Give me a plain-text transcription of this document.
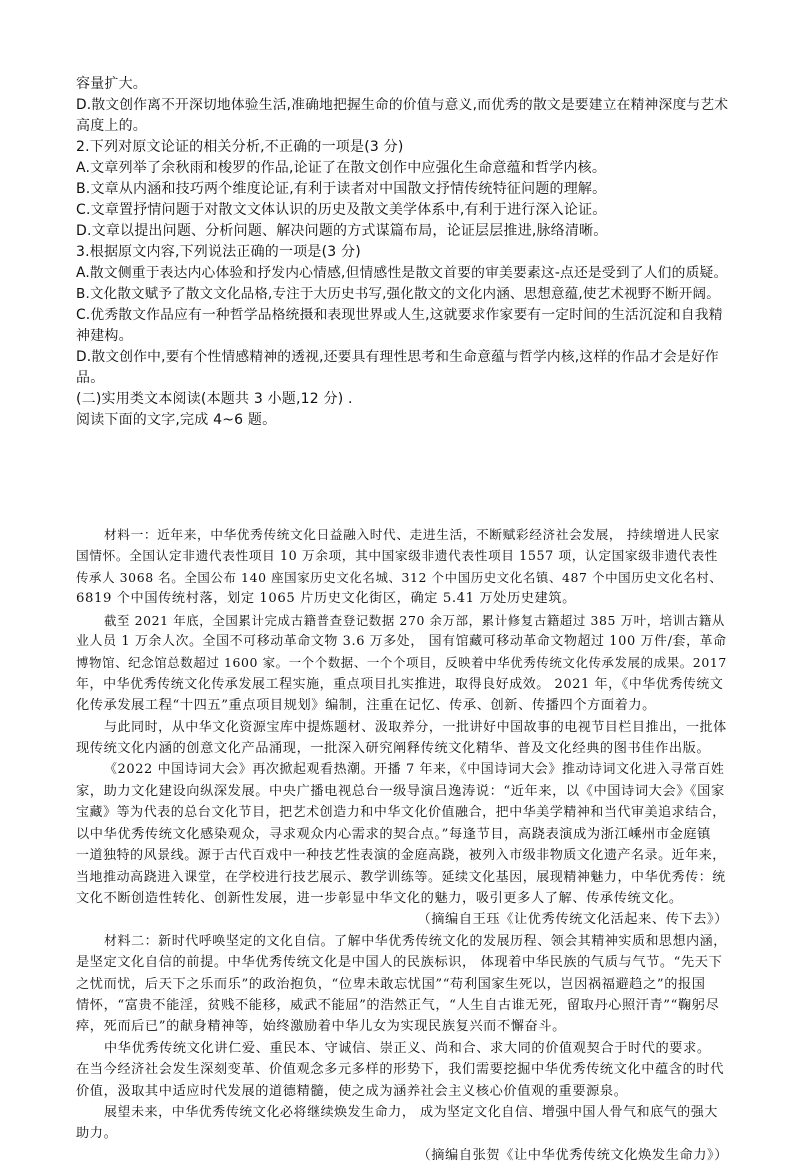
容量扩大。

D.散文创作离不开深切地体验生活,准确地把握生命的价值与意义,而优秀的散文是要建立在精神深度与艺术

高度上的。

2.下列对原文论证的相关分析,不正确的一项是(3 分)

A.文章列举了余秋雨和梭罗的作品,论证了在散文创作中应强化生命意蕴和哲学内核。

B.文章从内涵和技巧两个维度论证,有利于读者对中国散文抒情传统特征问题的理解。

C.文章置抒情问题于对散文文体认识的历史及散文美学体系中,有利于进行深入论证。

D.文章以提出问题、分析问题、解决问题的方式谋篇布局，论证层层推进,脉络清晰。

3.根据原文内容,下列说法正确的一项是(3 分)

A.散文侧重于表达内心体验和抒发内心情感,但情感性是散文首要的审美要素这-点还是受到了人们的质疑。

B.文化散文赋予了散文文化品格,专注于大历史书写,强化散文的文化内涵、思想意蕴,使艺术视野不断开阔。

C.优秀散文作品应有一种哲学品格统摄和表现世界或人生,这就要求作家要有一定时间的生活沉淀和自我精

神建构。

D.散文创作中,要有个性情感精神的透视,还要具有理性思考和生命意蕴与哲学内核,这样的作品才会是好作

品。

(二)实用类文本阅读(本题共 3 小题,12 分) .

阅读下面的文字,完成 4~6 题。

材料一：近年来，中华优秀传统文化日益融入时代、走进生活，不断赋彩经济社会发展， 持续增进人民家

国情怀。全国认定非遗代表性项目 10 万余项，其中国家级非遗代表性项目 1557 项，认定国家级非遗代表性

传承人 3068 名。全国公布 140 座国家历史文化名城、312 个中国历史文化名镇、487 个中国历史文化名村、

6819 个中国传统村落，划定 1065 片历史文化街区，确定 5.41 万处历史建筑。

截至 2021 年底，全国累计完成古籍普查登记数据 270 余万部，累计修复古籍超过 385 万叶，培训古籍从

业人员 1 万余人次。全国不可移动革命文物 3.6 万多处， 国有馆藏可移动革命文物超过 100 万件/套，革命

博物馆、纪念馆总数超过 1600 家。一个个数据、一个个项目，反映着中华优秀传统文化传承发展的成果。2017

年，中华优秀传统文化传承发展工程实施，重点项目扎实推进，取得良好成效。 2021 年，《中华优秀传统文

化传承发展工程“十四五”重点项目规划》编制，注重在记忆、传承、创新、传播四个方面着力。

与此同时，从中华文化资源宝库中提炼题材、汲取养分，一批讲好中国故事的电视节目栏目推出，一批体

现传统文化内涵的创意文化产品涌现，一批深入研究阐释传统文化精华、普及文化经典的图书佳作出版。

《2022 中国诗词大会》再次掀起观看热潮。开播 7 年来，《中国诗词大会》推动诗词文化进入寻常百姓

家，助力文化建设向纵深发展。中央广播电视总台一级导演吕逸涛说：“近年来，以《中国诗词大会》《国家

宝藏》等为代表的总台文化节目，把艺术创造力和中华文化价值融合，把中华美学精神和当代审美追求结合，

以中华优秀传统文化感染观众，寻求观众内心需求的契合点。”每逢节目，高跷表演成为浙江嵊州市金庭镇

一道独特的风景线。源于古代百戏中一种技艺性表演的金庭高跷，被列入市级非物质文化遗产名录。近年来，

当地推动高跷进入课堂，在学校进行技艺展示、教学训练等。延续文化基因，展现精神魅力，中华优秀传：统

文化不断创造性转化、创新性发展，进一步彰显中华文化的魅力，吸引更多人了解、传承传统文化。

（摘编自王珏《让优秀传统文化活起来、传下去》）

材料二：新时代呼唤坚定的文化自信。了解中华优秀传统文化的发展历程、领会其精神实质和思想内涵，

是坚定文化自信的前提。中华优秀传统文化是中国人的民族标识， 体现着中华民族的气质与气节。“先天下

之忧而忧，后天下之乐而乐”的政治抱负，“位卑未敢忘忧国”“苟利国家生死以，岂因祸福避趋之”的报国

情怀，“富贵不能淫，贫贱不能移，威武不能屈”的浩然正气，“人生自古谁无死，留取丹心照汗青”“鞠躬尽

瘁，死而后已”的献身精神等，始终激励着中华儿女为实现民族复兴而不懈奋斗。

中华优秀传统文化讲仁爱、重民本、守诚信、崇正义、尚和合、求大同的价值观契合于时代的要求。

在当今经济社会发生深刻变革、价值观念多元多样的形势下，我们需要挖掘中华优秀传统文化中蕴含的时代

价值，汲取其中适应时代发展的道德精髓，使之成为涵养社会主义核心价值观的重要源泉。

展望未来，中华优秀传统文化必将继续焕发生命力， 成为坚定文化自信、增强中国人骨气和底气的强大

助力。

（摘编自张贺《让中华优秀传统文化焕发生命力》）
